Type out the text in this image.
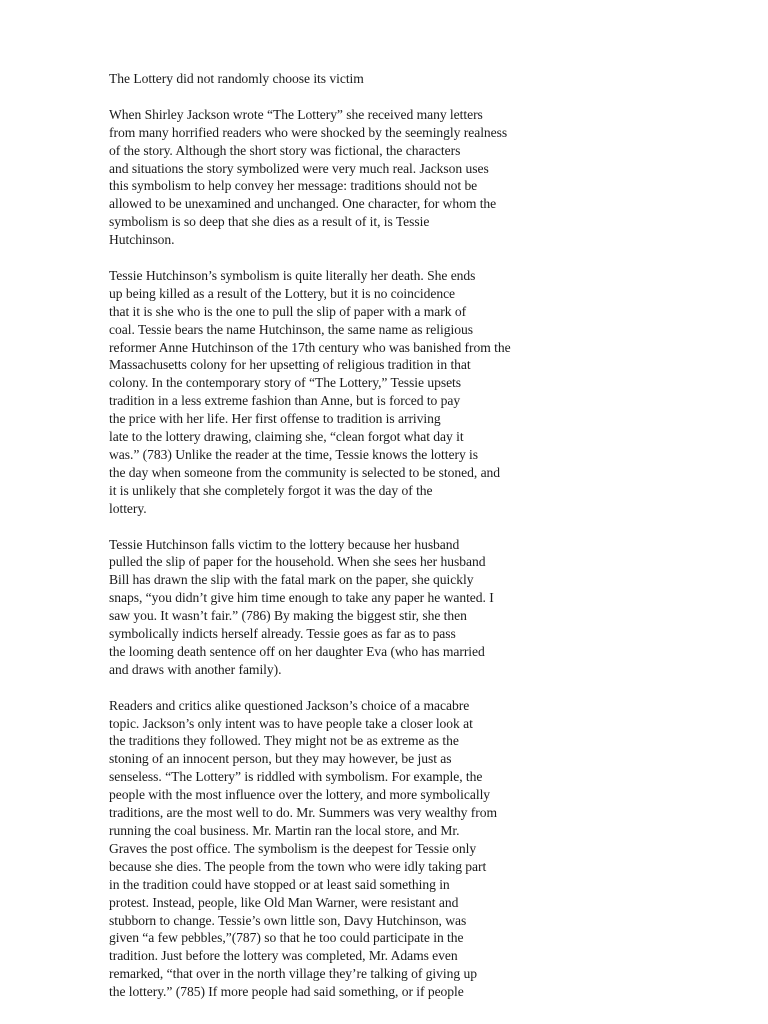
The Lottery did not randomly choose its victim
When Shirley Jackson wrote “The Lottery” she received many letters
from many horrified readers who were shocked by the seemingly realness
of the story. Although the short story was fictional, the characters
and situations the story symbolized were very much real. Jackson uses
this symbolism to help convey her message: traditions should not be
allowed to be unexamined and unchanged. One character, for whom the
symbolism is so deep that she dies as a result of it, is Tessie
Hutchinson.
Tessie Hutchinson’s symbolism is quite literally her death. She ends
up being killed as a result of the Lottery, but it is no coincidence
that it is she who is the one to pull the slip of paper with a mark of
coal. Tessie bears the name Hutchinson, the same name as religious
reformer Anne Hutchinson of the 17th century who was banished from the
Massachusetts colony for her upsetting of religious tradition in that
colony. In the contemporary story of “The Lottery,” Tessie upsets
tradition in a less extreme fashion than Anne, but is forced to pay
the price with her life. Her first offense to tradition is arriving
late to the lottery drawing, claiming she, “clean forgot what day it
was.” (783) Unlike the reader at the time, Tessie knows the lottery is
the day when someone from the community is selected to be stoned, and
it is unlikely that she completely forgot it was the day of the
lottery.
Tessie Hutchinson falls victim to the lottery because her husband
pulled the slip of paper for the household. When she sees her husband
Bill has drawn the slip with the fatal mark on the paper, she quickly
snaps, “you didn’t give him time enough to take any paper he wanted. I
saw you. It wasn’t fair.” (786) By making the biggest stir, she then
symbolically indicts herself already. Tessie goes as far as to pass
the looming death sentence off on her daughter Eva (who has married
and draws with another family).
Readers and critics alike questioned Jackson’s choice of a macabre
topic. Jackson’s only intent was to have people take a closer look at
the traditions they followed. They might not be as extreme as the
stoning of an innocent person, but they may however, be just as
senseless. “The Lottery” is riddled with symbolism. For example, the
people with the most influence over the lottery, and more symbolically
traditions, are the most well to do. Mr. Summers was very wealthy from
running the coal business. Mr. Martin ran the local store, and Mr.
Graves the post office. The symbolism is the deepest for Tessie only
because she dies. The people from the town who were idly taking part
in the tradition could have stopped or at least said something in
protest. Instead, people, like Old Man Warner, were resistant and
stubborn to change. Tessie’s own little son, Davy Hutchinson, was
given “a few pebbles,”(787) so that he too could participate in the
tradition. Just before the lottery was completed, Mr. Adams even
remarked, “that over in the north village they’re talking of giving up
the lottery.” (785) If more people had said something, or if people
